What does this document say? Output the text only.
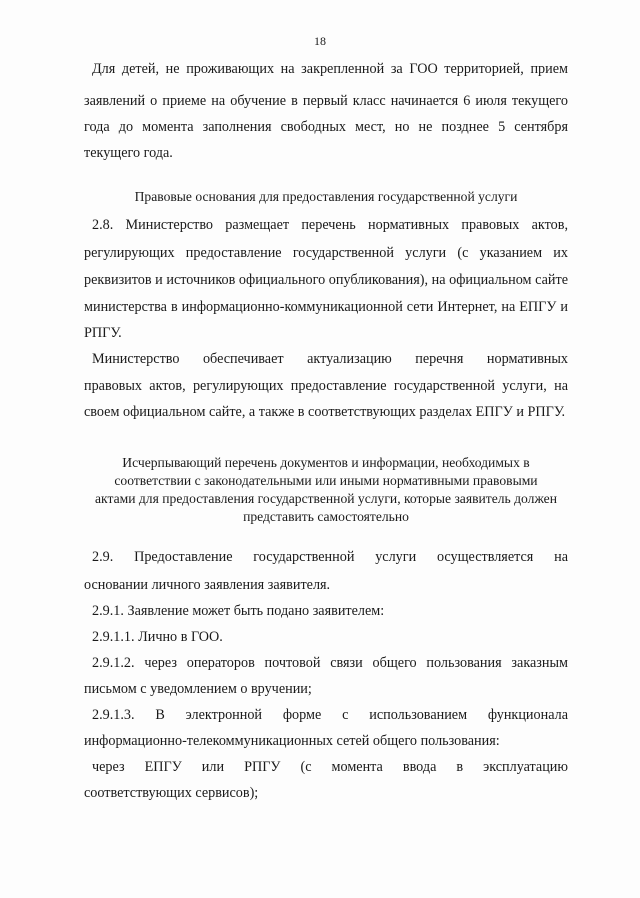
18
Для детей, не проживающих на закрепленной за ГОО территорией, прием
заявлений о приеме на обучение в первый класс начинается 6 июля текущего
года до момента заполнения свободных мест, но не позднее 5 сентября
текущего года.
Правовые основания для предоставления государственной услуги
2.8. Министерство размещает перечень нормативных правовых актов,
регулирующих предоставление государственной услуги (с указанием их
реквизитов и источников официального опубликования), на официальном сайте
министерства в информационно-коммуникационной сети Интернет, на ЕПГУ и
РПГУ.
Министерство обеспечивает актуализацию перечня нормативных
правовых актов, регулирующих предоставление государственной услуги, на
своем официальном сайте, а также в соответствующих разделах ЕПГУ и РПГУ.
Исчерпывающий перечень документов и информации, необходимых в
соответствии с законодательными или иными нормативными правовыми
актами для предоставления государственной услуги, которые заявитель должен
представить самостоятельно
2.9. Предоставление государственной услуги осуществляется на
основании личного заявления заявителя.
2.9.1. Заявление может быть подано заявителем:
2.9.1.1. Лично в ГОО.
2.9.1.2. через операторов почтовой связи общего пользования заказным
письмом с уведомлением о вручении;
2.9.1.3. В электронной форме с использованием функционала
информационно-телекоммуникационных сетей общего пользования:
через ЕПГУ или РПГУ (с момента ввода в эксплуатацию
соответствующих сервисов);
